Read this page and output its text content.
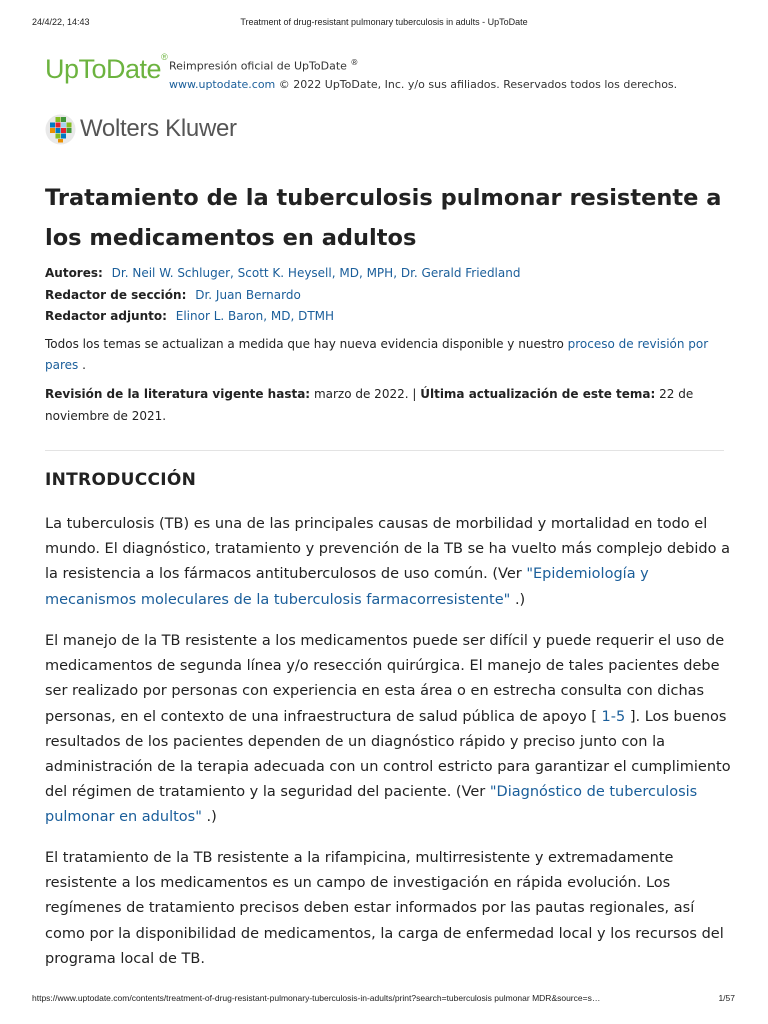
24/4/22, 14:43	Treatment of drug-resistant pulmonary tuberculosis in adults - UpToDate
UpToDate®
Reimpresión oficial de UpToDate ®
www.uptodate.com © 2022 UpToDate, Inc. y/o sus afiliados. Reservados todos los derechos.
Wolters Kluwer
Tratamiento de la tuberculosis pulmonar resistente a los medicamentos en adultos
Autores: Dr. Neil W. Schluger, Scott K. Heysell, MD, MPH, Dr. Gerald Friedland
Redactor de sección: Dr. Juan Bernardo
Redactor adjunto: Elinor L. Baron, MD, DTMH
Todos los temas se actualizan a medida que hay nueva evidencia disponible y nuestro proceso de revisión por pares .
Revisión de la literatura vigente hasta: marzo de 2022. | Última actualización de este tema: 22 de noviembre de 2021.
INTRODUCCIÓN

La tuberculosis (TB) es una de las principales causas de morbilidad y mortalidad en todo el mundo. El diagnóstico, tratamiento y prevención de la TB se ha vuelto más complejo debido a la resistencia a los fármacos antituberculosos de uso común. (Ver "Epidemiología y mecanismos moleculares de la tuberculosis farmacorresistente" .)

El manejo de la TB resistente a los medicamentos puede ser difícil y puede requerir el uso de medicamentos de segunda línea y/o resección quirúrgica. El manejo de tales pacientes debe ser realizado por personas con experiencia en esta área o en estrecha consulta con dichas personas, en el contexto de una infraestructura de salud pública de apoyo [ 1-5 ]. Los buenos resultados de los pacientes dependen de un diagnóstico rápido y preciso junto con la administración de la terapia adecuada con un control estricto para garantizar el cumplimiento del régimen de tratamiento y la seguridad del paciente. (Ver "Diagnóstico de tuberculosis pulmonar en adultos" .)

El tratamiento de la TB resistente a la rifampicina, multirresistente y extremadamente resistente a los medicamentos es un campo de investigación en rápida evolución. Los regímenes de tratamiento precisos deben estar informados por las pautas regionales, así como por la disponibilidad de medicamentos, la carga de enfermedad local y los recursos del programa local de TB.

https://www.uptodate.com/contents/treatment-of-drug-resistant-pulmonary-tuberculosis-in-adults/print?search=tuberculosis pulmonar MDR&source=s…	1/57
